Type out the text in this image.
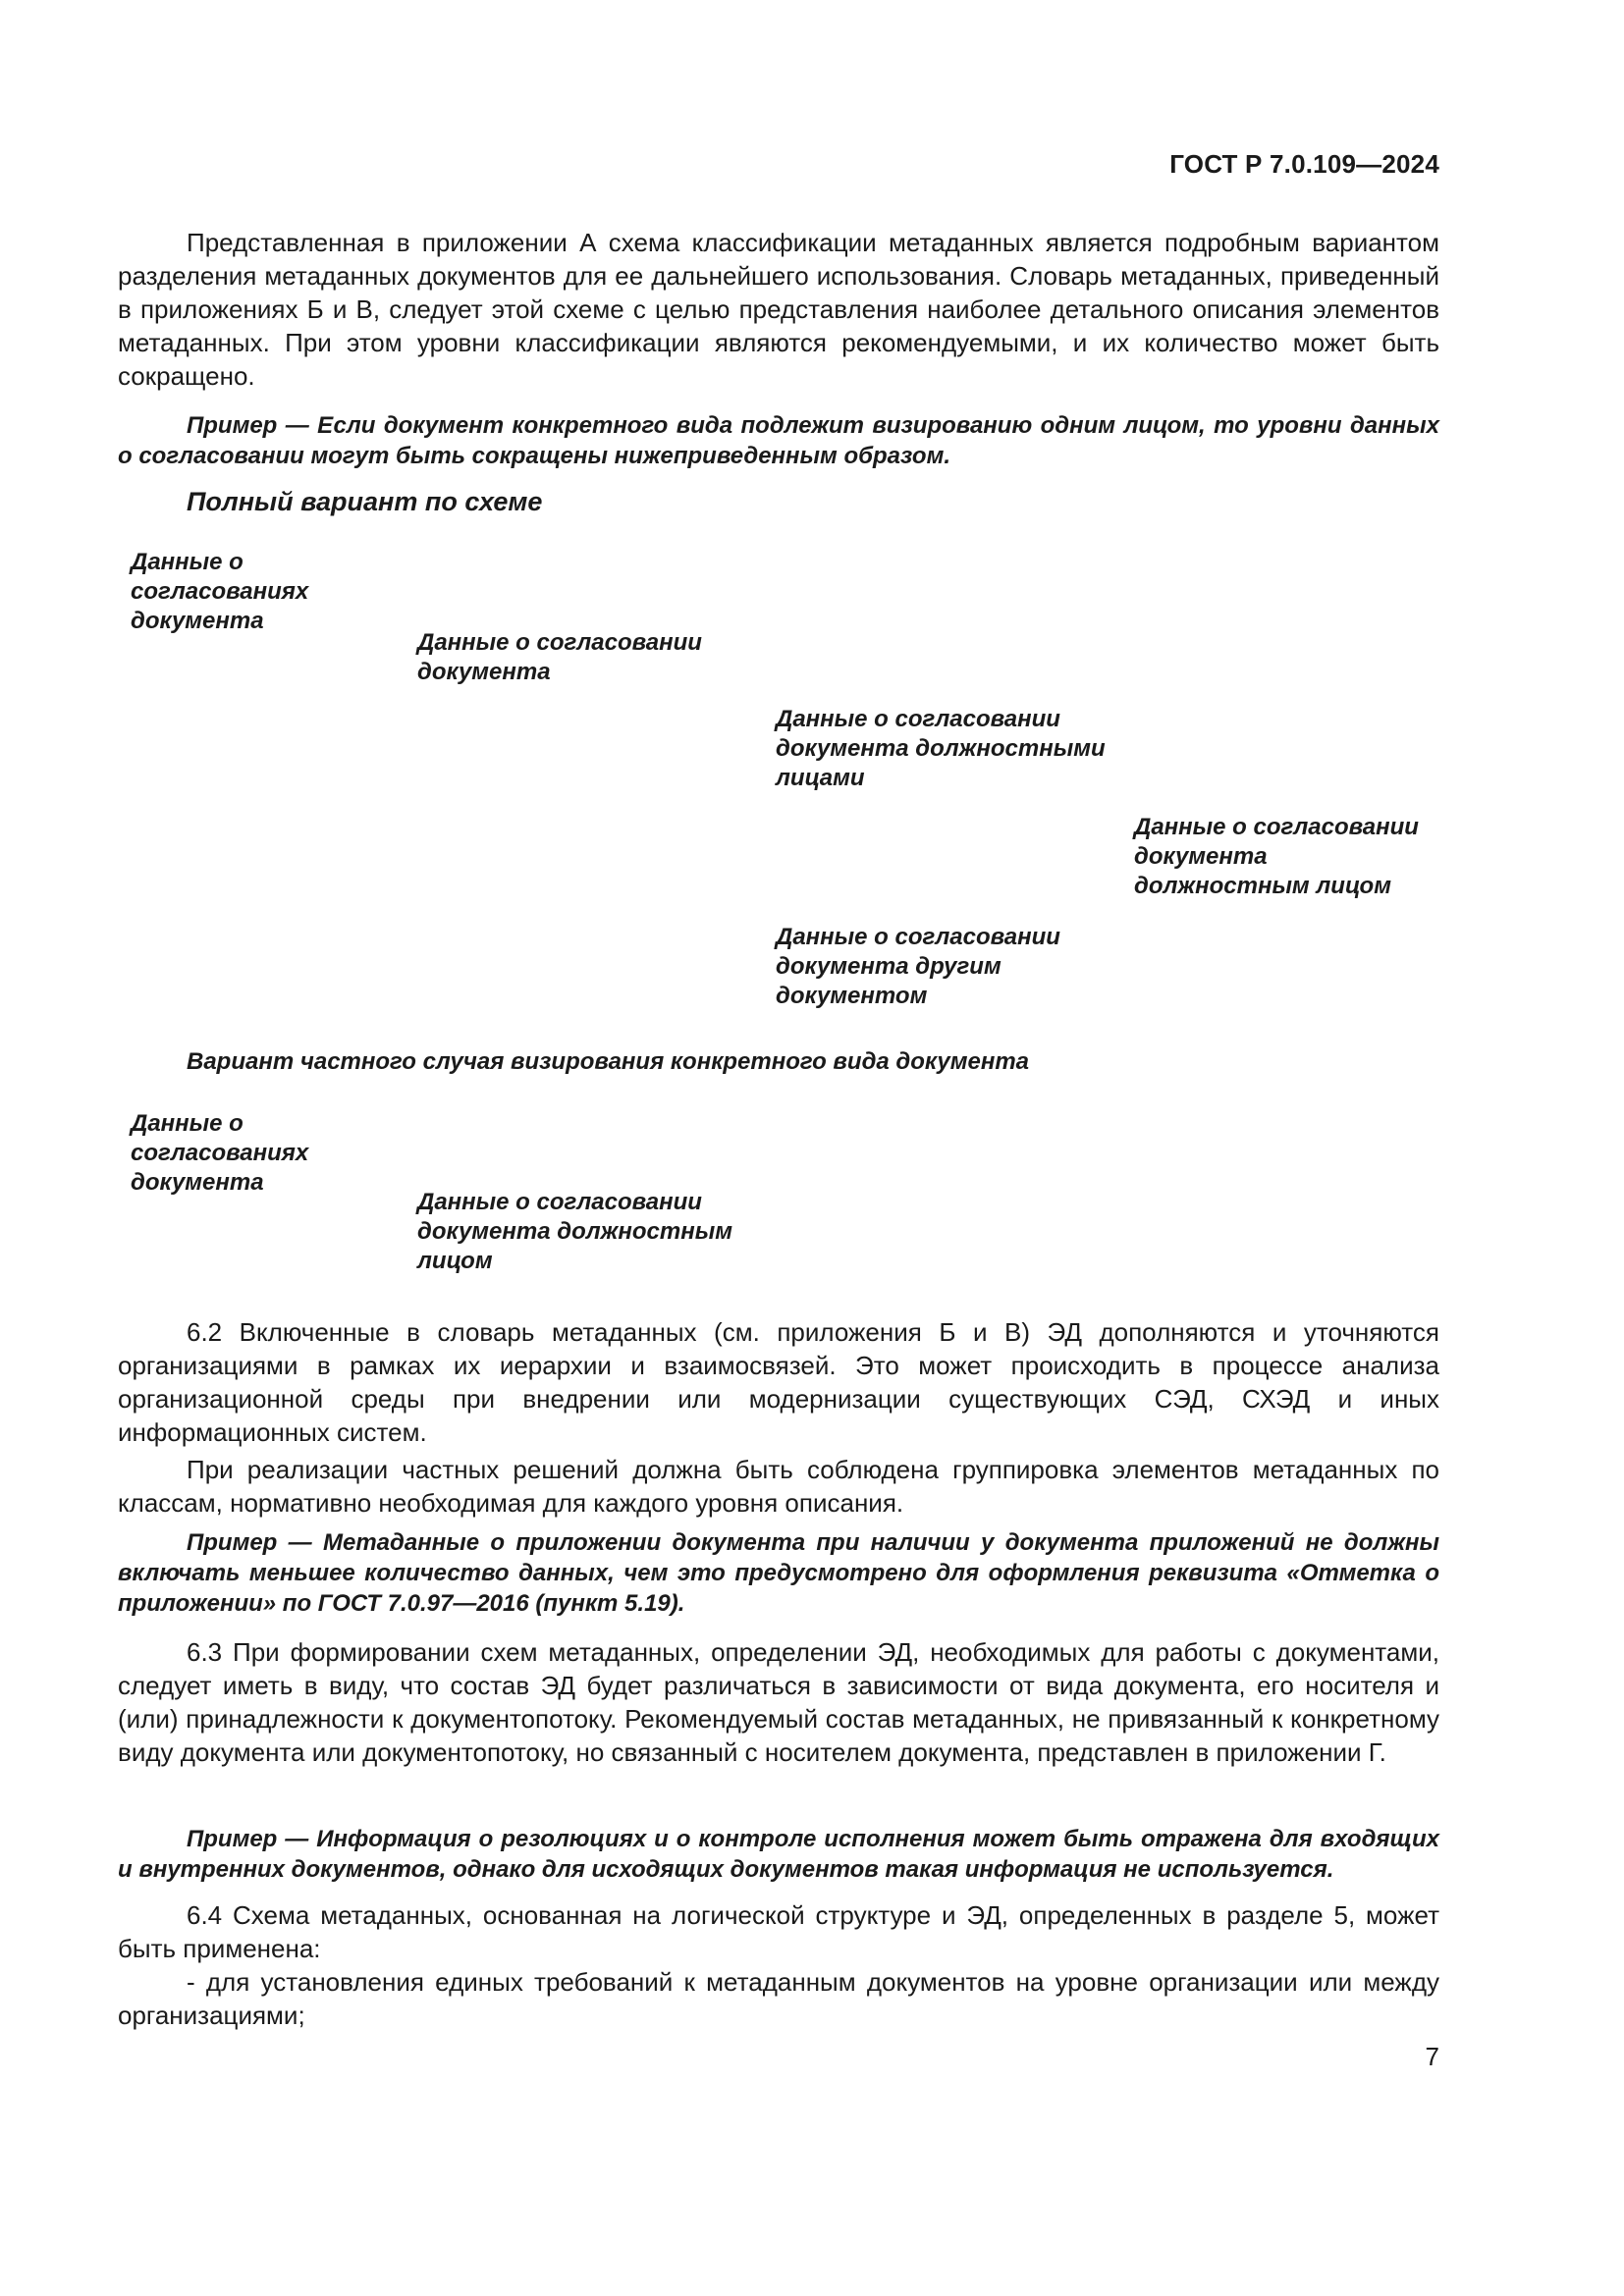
ГОСТ Р 7.0.109—2024

Представленная в приложении А схема классификации метаданных является подробным вариантом разделения метаданных документов для ее дальнейшего использования. Словарь метаданных, приведенный в приложениях Б и В, следует этой схеме с целью представления наиболее детального описания элементов метаданных. При этом уровни классификации являются рекомендуемыми, и их количество может быть сокращено.

Пример — Если документ конкретного вида подлежит визированию одним лицом, то уровни данных о согласовании могут быть сокращены нижеприведенным образом.

Полный вариант по схеме
Данные о согласованиях документа
Данные о согласовании документа
Данные о согласовании документа должностными лицами
Данные о согласовании документа должностным лицом
Данные о согласовании документа другим документом
Вариант частного случая визирования конкретного вида документа
Данные о согласованиях документа
Данные о согласовании документа должностным лицом

6.2 Включенные в словарь метаданных (см. приложения Б и В) ЭД дополняются и уточняются организациями в рамках их иерархии и взаимосвязей. Это может происходить в процессе анализа организационной среды при внедрении или модернизации существующих СЭД, СХЭД и иных информационных систем.

При реализации частных решений должна быть соблюдена группировка элементов метаданных по классам, нормативно необходимая для каждого уровня описания.

Пример — Метаданные о приложении документа при наличии у документа приложений не должны включать меньшее количество данных, чем это предусмотрено для оформления реквизита «Отметка о приложении» по ГОСТ 7.0.97—2016 (пункт 5.19).

6.3 При формировании схем метаданных, определении ЭД, необходимых для работы с документами, следует иметь в виду, что состав ЭД будет различаться в зависимости от вида документа, его носителя и (или) принадлежности к документопотоку. Рекомендуемый состав метаданных, не привязанный к конкретному виду документа или документопотоку, но связанный с носителем документа, представлен в приложении Г.

Пример — Информация о резолюциях и о контроле исполнения может быть отражена для входящих и внутренних документов, однако для исходящих документов такая информация не используется.

6.4 Схема метаданных, основанная на логической структуре и ЭД, определенных в разделе 5, может быть применена:

- для установления единых требований к метаданным документов на уровне организации или между организациями;

7
